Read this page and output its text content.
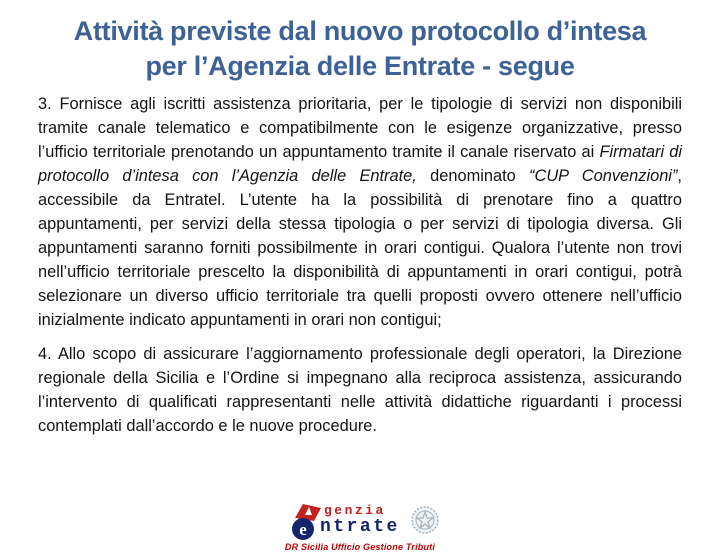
Attività previste dal nuovo protocollo d’intesa
per l’Agenzia delle Entrate - segue

3. Fornisce agli iscritti assistenza prioritaria, per le tipologie di servizi non disponibili tramite canale telematico e compatibilmente con le esigenze organizzative, presso l’ufficio territoriale prenotando un appuntamento tramite il canale riservato ai Firmatari di protocollo d’intesa con l’Agenzia delle Entrate, denominato “CUP Convenzioni”, accessibile da Entratel. L’utente ha la possibilità di prenotare fino a quattro appuntamenti, per servizi della stessa tipologia o per servizi di tipologia diversa. Gli appuntamenti saranno forniti possibilmente in orari contigui. Qualora l’utente non trovi nell’ufficio territoriale prescelto la disponibilità di appuntamenti in orari contigui, potrà selezionare un diverso ufficio territoriale tra quelli proposti ovvero ottenere nell’ufficio inizialmente indicato appuntamenti in orari non contigui;

4. Allo scopo di assicurare l’aggiornamento professionale degli operatori, la Direzione regionale della Sicilia e l’Ordine si impegnano alla reciproca assistenza, assicurando l’intervento di qualificati rappresentanti nelle attività didattiche riguardanti i processi contemplati dall’accordo e le nuove procedure.

e
genzia
ntrate
DR Sicilia Ufficio Gestione Tributi
